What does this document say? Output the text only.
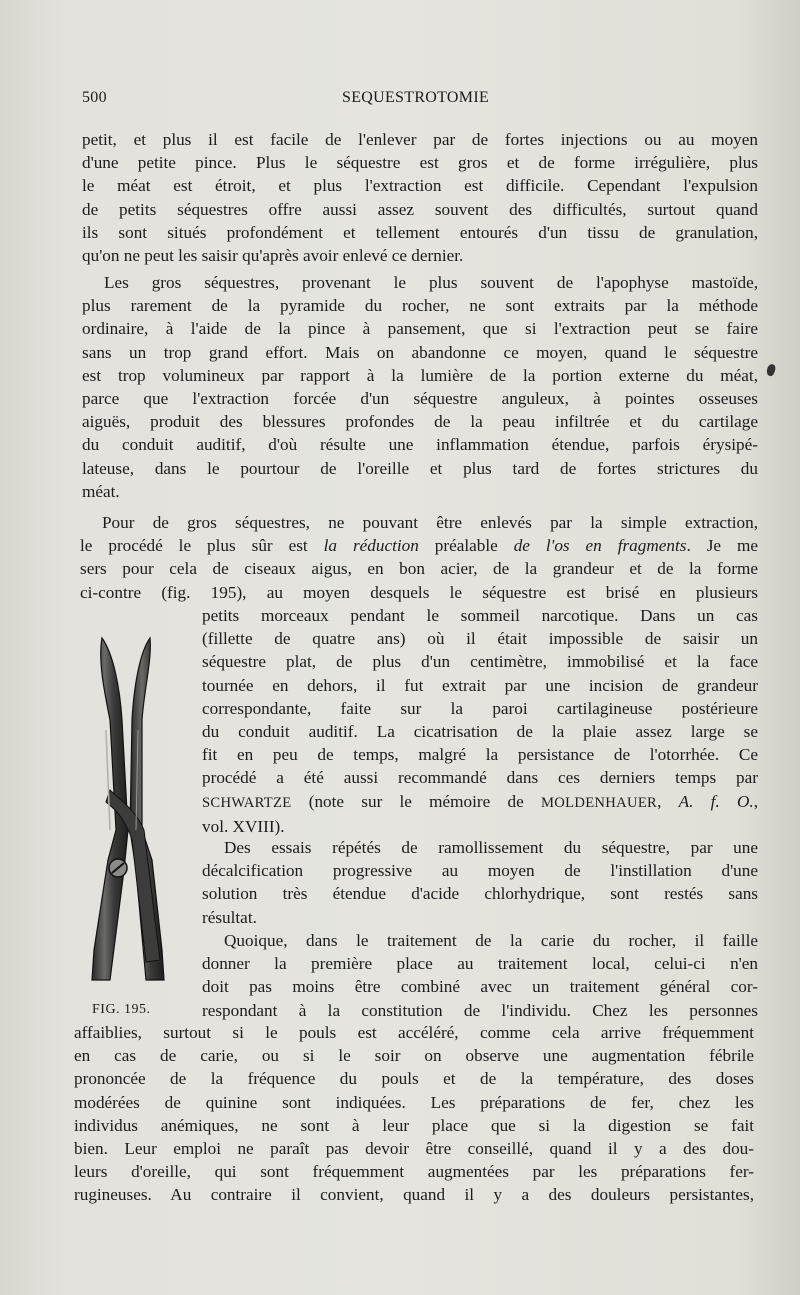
500	SEQUESTROTOMIE
petit, et plus il est facile de l'enlever par de fortes injections ou au moyen
d'une petite pince. Plus le séquestre est gros et de forme irrégulière, plus
le méat est étroit, et plus l'extraction est difficile. Cependant l'expulsion
de petits séquestres offre aussi assez souvent des difficultés, surtout quand
ils sont situés profondément et tellement entourés d'un tissu de granulation,
qu'on ne peut les saisir qu'après avoir enlevé ce dernier.
Les gros séquestres, provenant le plus souvent de l'apophyse mastoïde,
plus rarement de la pyramide du rocher, ne sont extraits par la méthode
ordinaire, à l'aide de la pince à pansement, que si l'extraction peut se faire
sans un trop grand effort. Mais on abandonne ce moyen, quand le séquestre
est trop volumineux par rapport à la lumière de la portion externe du méat,
parce que l'extraction forcée d'un séquestre anguleux, à pointes osseuses
aiguës, produit des blessures profondes de la peau infiltrée et du cartilage
du conduit auditif, d'où résulte une inflammation étendue, parfois érysipé-
lateuse, dans le pourtour de l'oreille et plus tard de fortes strictures du
méat.
Pour de gros séquestres, ne pouvant être enlevés par la simple extraction,
le procédé le plus sûr est la réduction préalable de l'os en fragments. Je me
sers pour cela de ciseaux aigus, en bon acier, de la grandeur et de la forme
ci-contre (fig. 195), au moyen desquels le séquestre est brisé en plusieurs
petits morceaux pendant le sommeil narcotique. Dans un cas
(fillette de quatre ans) où il était impossible de saisir un
séquestre plat, de plus d'un centimètre, immobilisé et la face
tournée en dehors, il fut extrait par une incision de grandeur
correspondante, faite sur la paroi cartilagineuse postérieure
du conduit auditif. La cicatrisation de la plaie assez large se
fit en peu de temps, malgré la persistance de l'otorrhée. Ce
procédé a été aussi recommandé dans ces derniers temps par
SCHWARTZE (note sur le mémoire de MOLDENHAUER, A. f. O.,
vol. XVIII).
Des essais répétés de ramollissement du séquestre, par une
décalcification progressive au moyen de l'instillation d'une
solution très étendue d'acide chlorhydrique, sont restés sans
résultat.
Quoique, dans le traitement de la carie du rocher, il faille
donner la première place au traitement local, celui-ci n'en
doit pas moins être combiné avec un traitement général cor-
respondant à la constitution de l'individu. Chez les personnes
affaiblies, surtout si le pouls est accéléré, comme cela arrive fréquemment
en cas de carie, ou si le soir on observe une augmentation fébrile
prononcée de la fréquence du pouls et de la température, des doses
modérées de quinine sont indiquées. Les préparations de fer, chez les
individus anémiques, ne sont à leur place que si la digestion se fait
bien. Leur emploi ne paraît pas devoir être conseillé, quand il y a des dou-
leurs d'oreille, qui sont fréquemment augmentées par les préparations fer-
rugineuses. Au contraire il convient, quand il y a des douleurs persistantes,
FIG. 195.
